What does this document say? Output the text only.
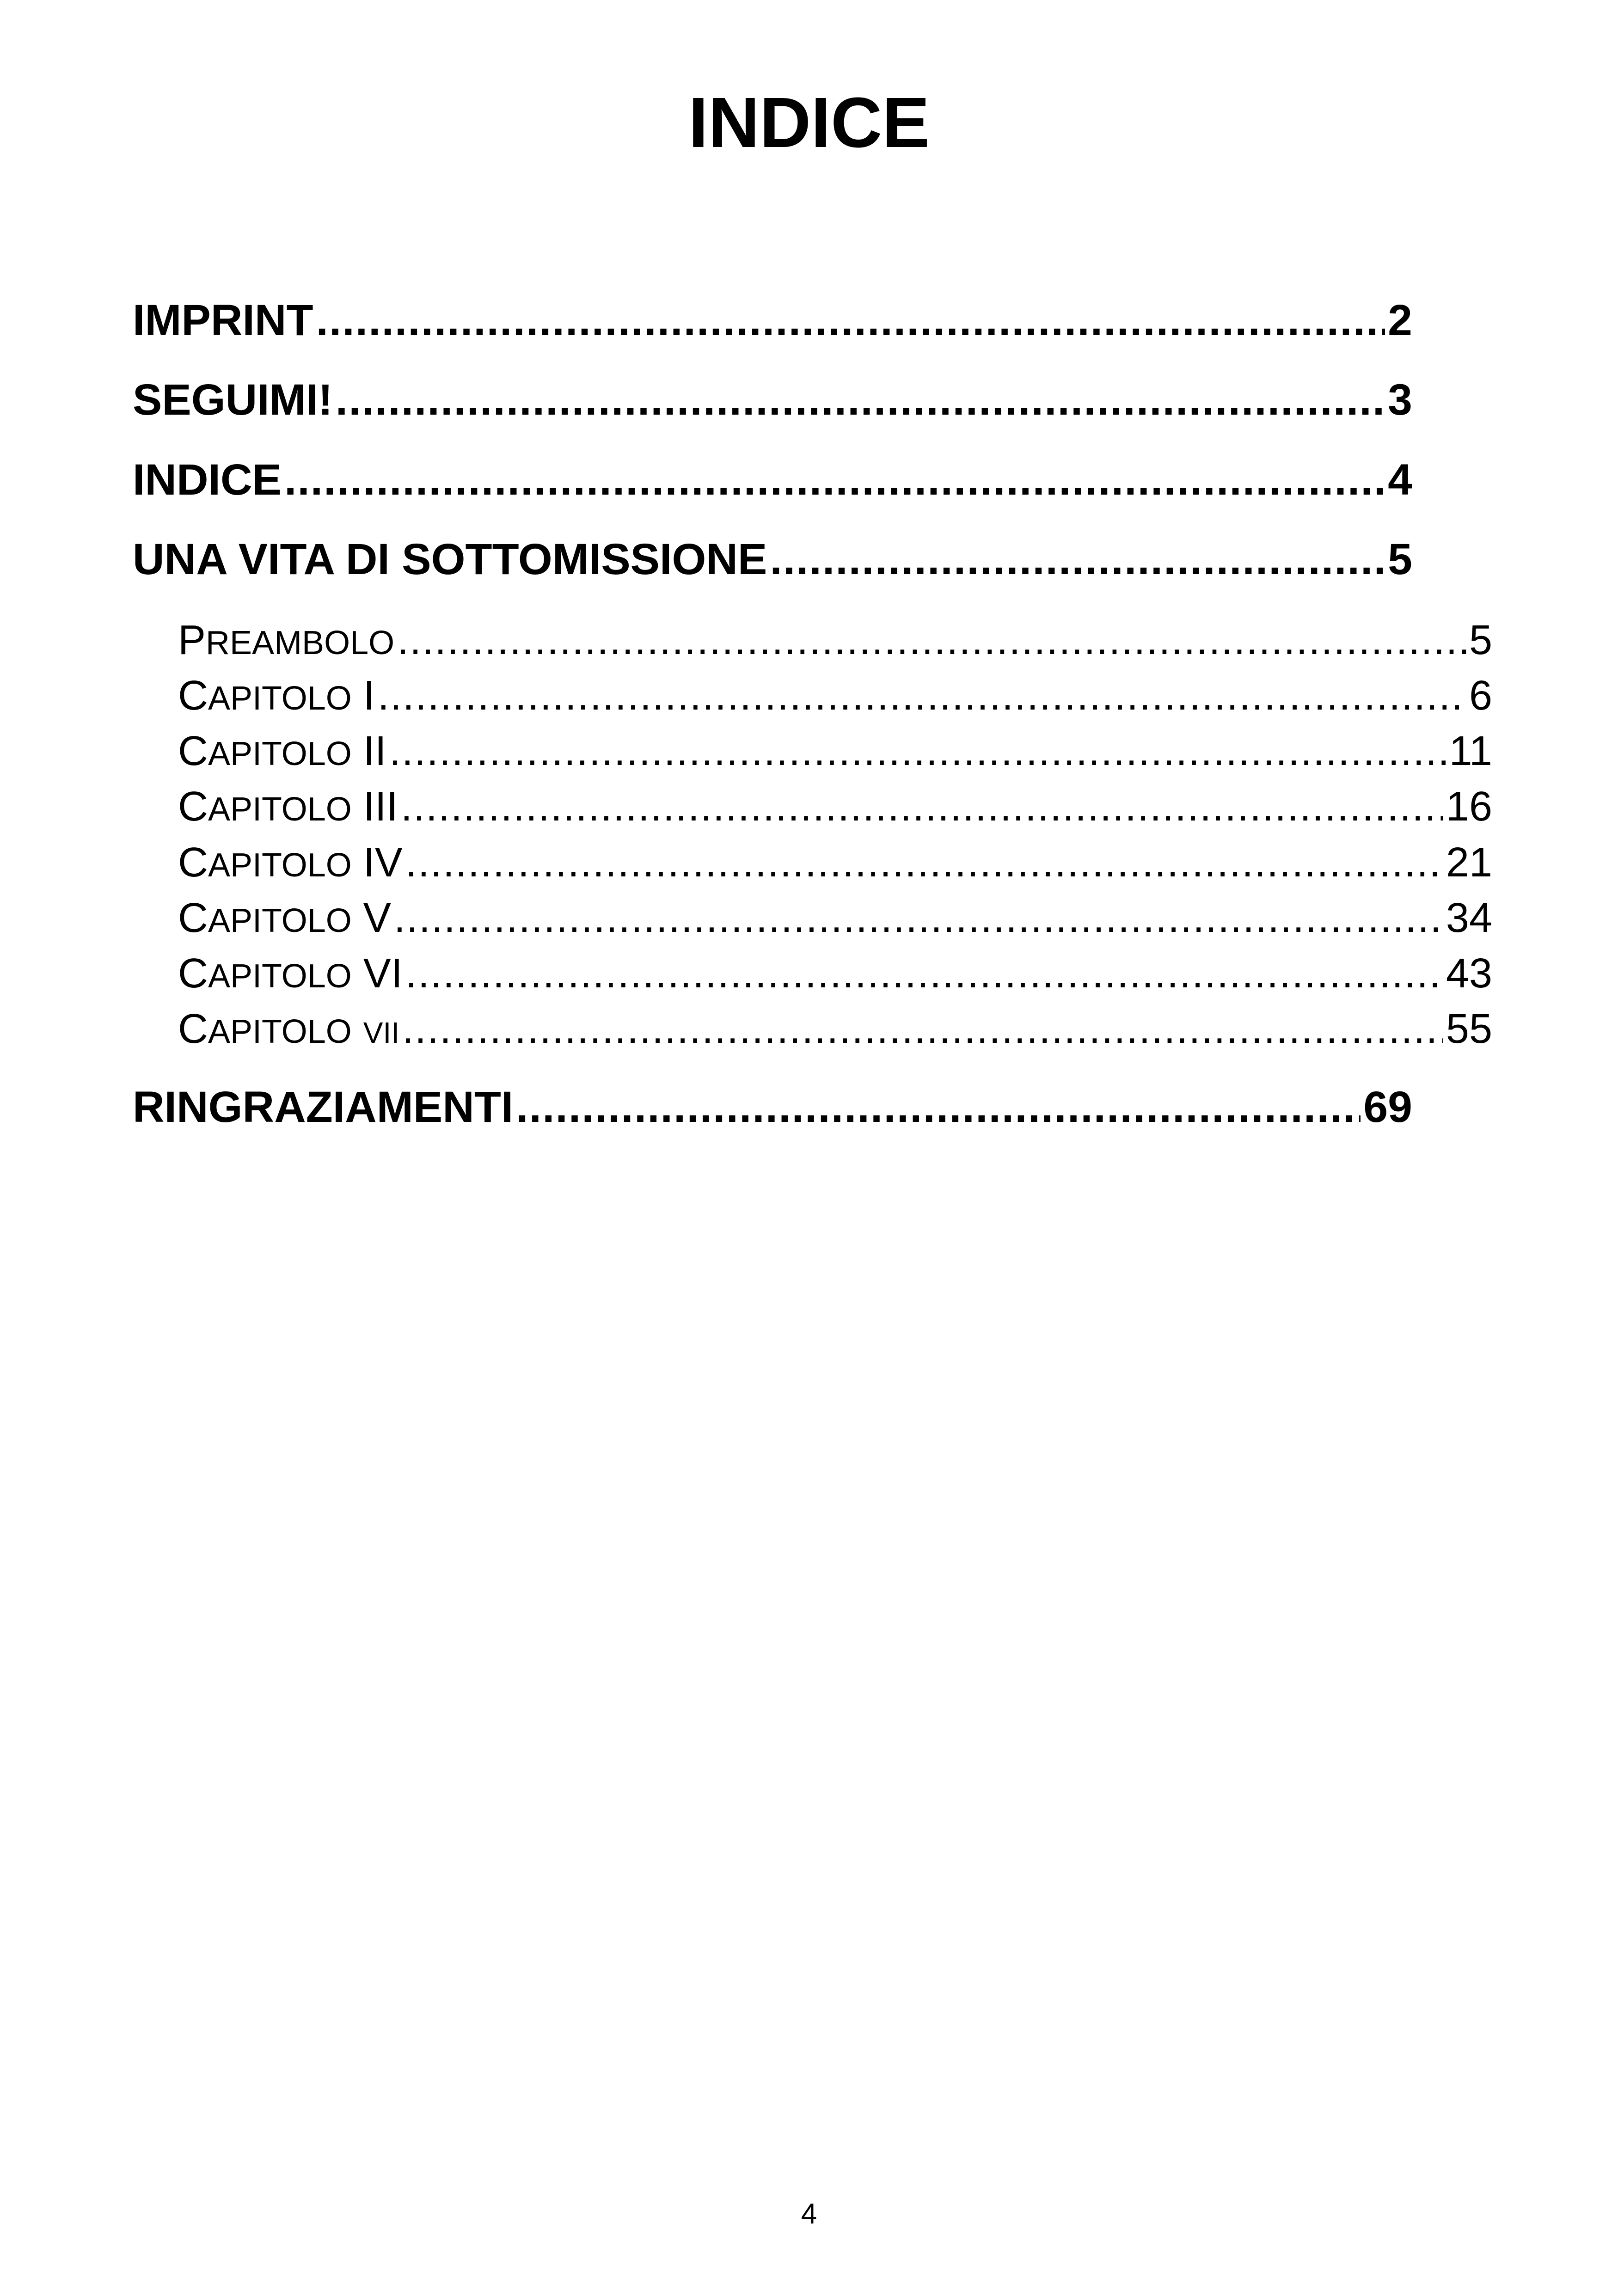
INDICE
IMPRINT .....	2
SEGUIMI! .....	3
INDICE .....	4
UNA VITA DI SOTTOMISSIONE .....	5
PREAMBOLO .....	5
CAPITOLO I .....	6
CAPITOLO II .....	11
CAPITOLO III .....	16
CAPITOLO IV .....	21
CAPITOLO V .....	34
CAPITOLO VI .....	43
CAPITOLO VII .....	55
RINGRAZIAMENTI .....	69
4
